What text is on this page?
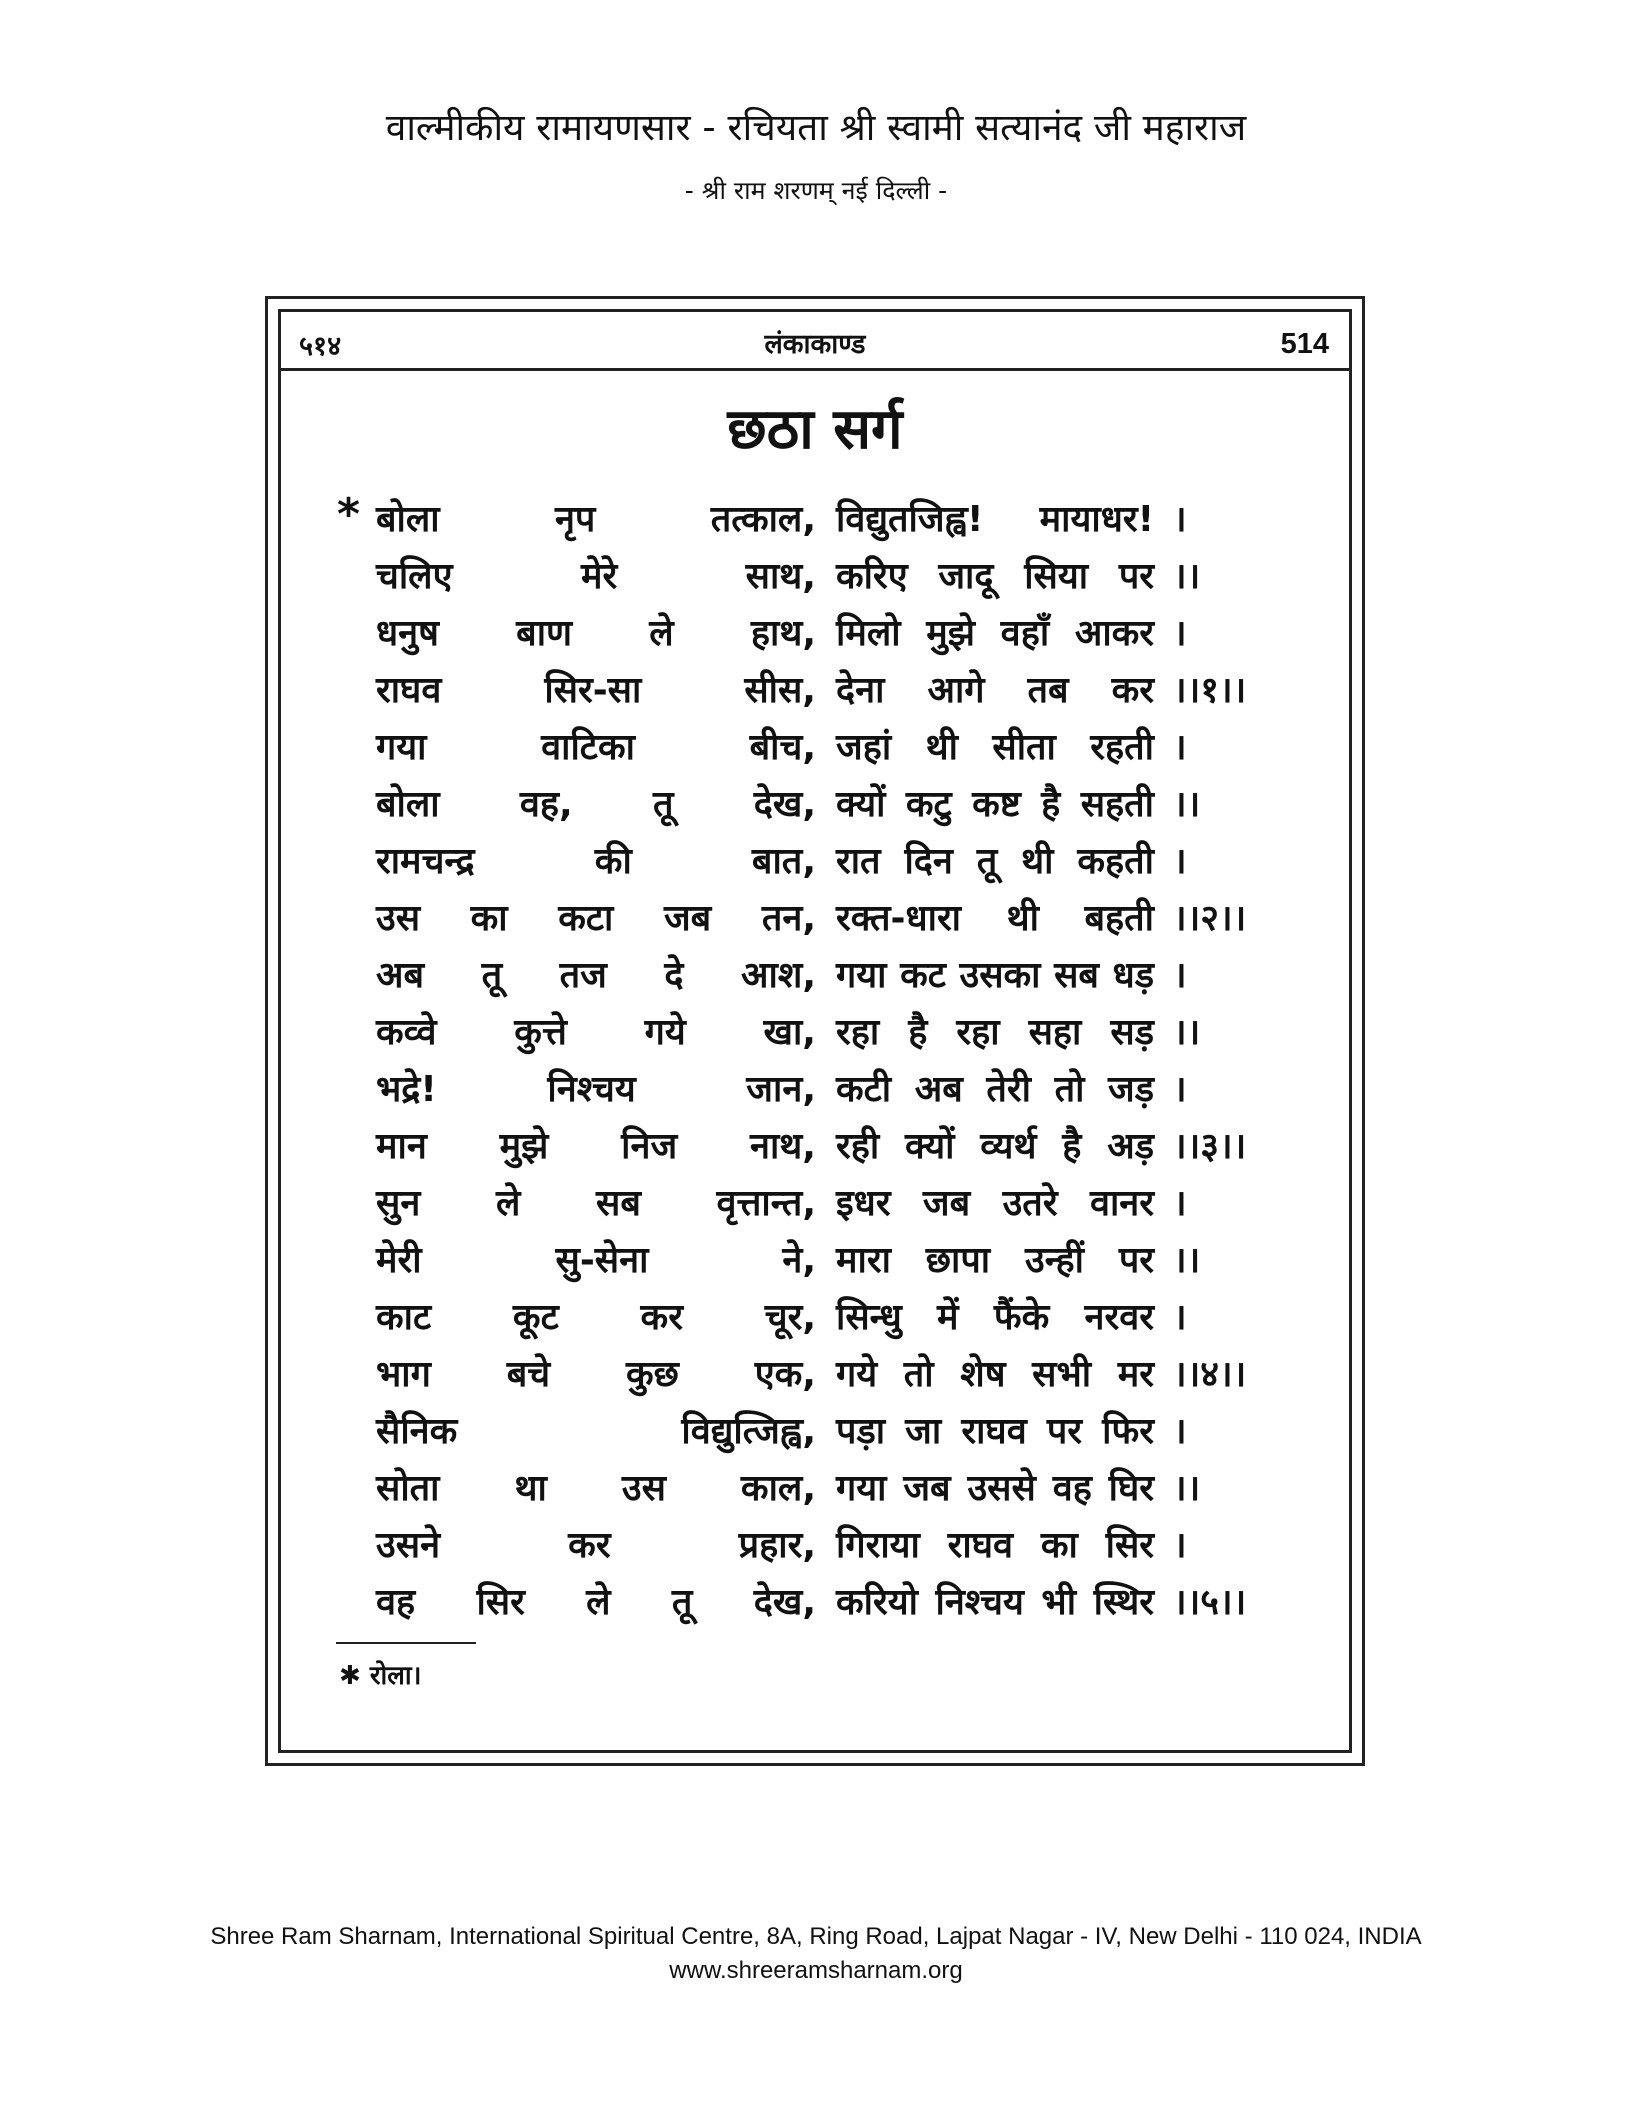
वाल्मीकीय रामायणसार - रचियता श्री स्वामी सत्यानंद जी महाराज
- श्री राम शरणम् नई दिल्ली -
५१४	लंकाकाण्ड	514
छठा सर्ग
* बोला नृप तत्काल, विद्युतजिह्व! मायाधर! ।
चलिए मेरे साथ, करिए जादू सिया पर ।।
धनुष बाण ले हाथ, मिलो मुझे वहाँ आकर ।
राघव सिर-सा सीस, देना आगे तब कर ।।१।।
गया वाटिका बीच, जहां थी सीता रहती ।
बोला वह, तू देख, क्यों कटु कष्ट है सहती ।।
रामचन्द्र की बात, रात दिन तू थी कहती ।
उस का कटा जब तन, रक्त-धारा थी बहती ।।२।।
अब तू तज दे आश, गया कट उसका सब धड़ ।
कव्वे कुत्ते गये खा, रहा है रहा सहा सड़ ।।
भद्रे! निश्चय जान, कटी अब तेरी तो जड़ ।
मान मुझे निज नाथ, रही क्यों व्यर्थ है अड़ ।।३।।
सुन ले सब वृत्तान्त, इधर जब उतरे वानर ।
मेरी सु-सेना ने, मारा छापा उन्हीं पर ।।
काट कूट कर चूर, सिन्धु में फैंके नरवर ।
भाग बचे कुछ एक, गये तो शेष सभी मर ।।४।।
सैनिक विद्युत्जिह्व, पड़ा जा राघव पर फिर ।
सोता था उस काल, गया जब उससे वह घिर ।।
उसने कर प्रहार, गिराया राघव का सिर ।
वह सिर ले तू देख, करियो निश्चय भी स्थिर ।।५।।
✱ रोला।
Shree Ram Sharnam, International Spiritual Centre, 8A, Ring Road, Lajpat Nagar - IV, New Delhi - 110 024, INDIA
www.shreeramsharnam.org
